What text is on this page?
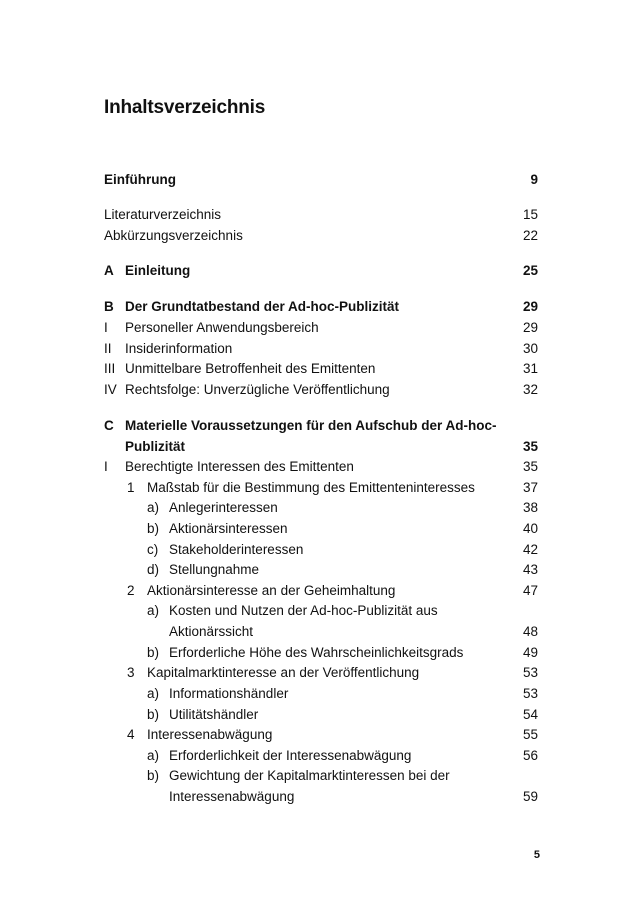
Inhaltsverzeichnis
Einführung	9
Literaturverzeichnis	15
Abkürzungsverzeichnis	22
A Einleitung	25
B Der Grundtatbestand der Ad-hoc-Publizität	29
I Personeller Anwendungsbereich	29
II Insiderinformation	30
III Unmittelbare Betroffenheit des Emittenten	31
IV Rechtsfolge: Unverzügliche Veröffentlichung	32
C Materielle Voraussetzungen für den Aufschub der Ad-hoc-
Publizität	35
I Berechtigte Interessen des Emittenten	35
1 Maßstab für die Bestimmung des Emittenteninteresses	37
a) Anlegerinteressen	38
b) Aktionärsinteressen	40
c) Stakeholderinteressen	42
d) Stellungnahme	43
2 Aktionärsinteresse an der Geheimhaltung	47
a) Kosten und Nutzen der Ad-hoc-Publizität aus
Aktionärssicht	48
b) Erforderliche Höhe des Wahrscheinlichkeitsgrads	49
3 Kapitalmarktinteresse an der Veröffentlichung	53
a) Informationshändler	53
b) Utilitätshändler	54
4 Interessenabwägung	55
a) Erforderlichkeit der Interessenabwägung	56
b) Gewichtung der Kapitalmarktinteressen bei der
Interessenabwägung	59
5
